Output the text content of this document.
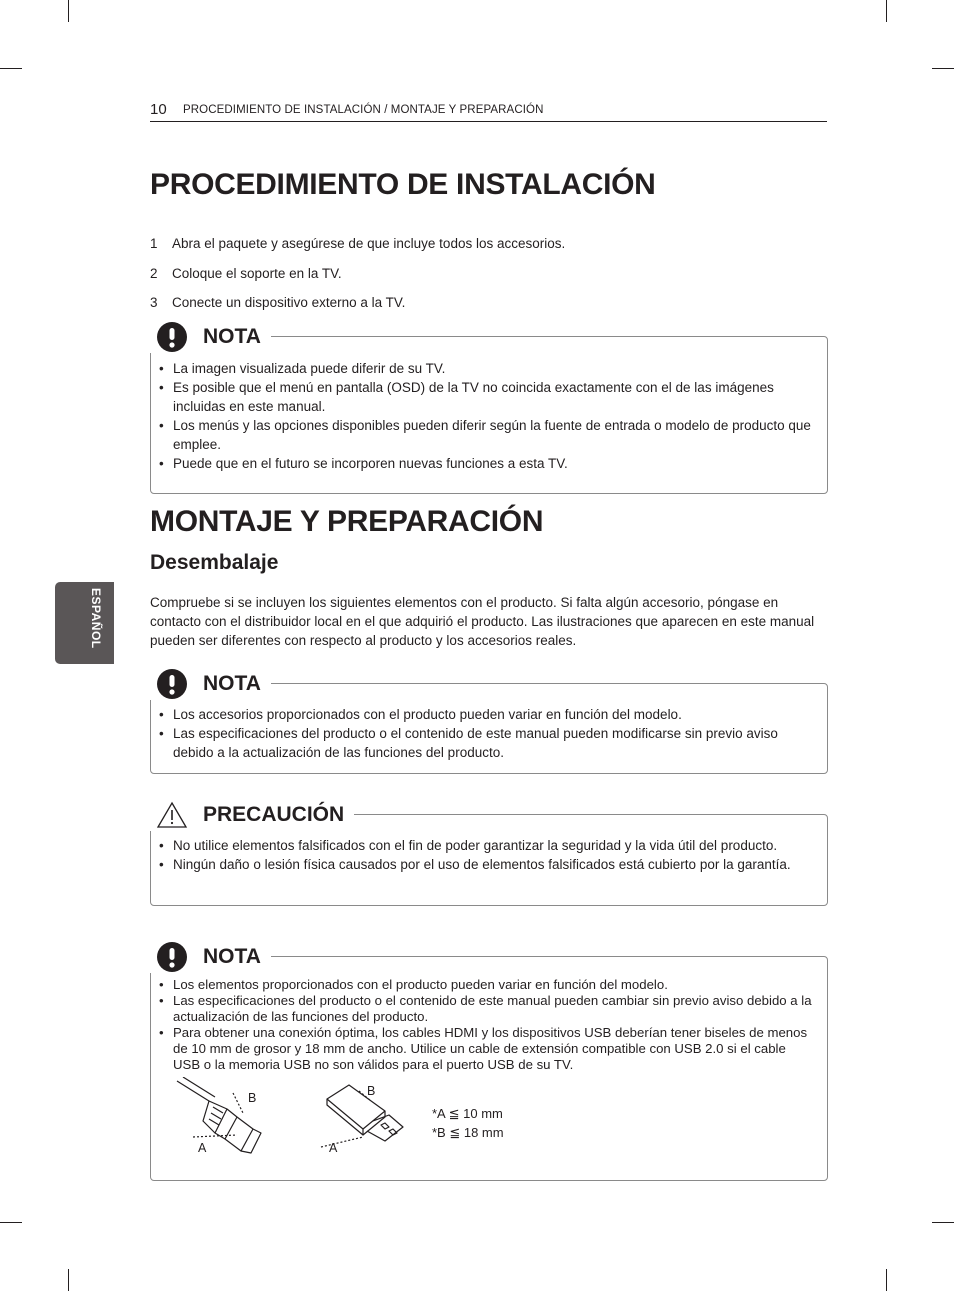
10 PROCEDIMIENTO DE INSTALACIÓN / MONTAJE Y PREPARACIÓN
ESPAÑOL
PROCEDIMIENTO DE INSTALACIÓN
1	Abra el paquete y asegúrese de que incluye todos los accesorios.
2	Coloque el soporte en la TV.
3	Conecte un dispositivo externo a la TV.
NOTA
• La imagen visualizada puede diferir de su TV.
• Es posible que el menú en pantalla (OSD) de la TV no coincida exactamente con el de las imágenes incluidas en este manual.
• Los menús y las opciones disponibles pueden diferir según la fuente de entrada o modelo de producto que emplee.
• Puede que en el futuro se incorporen nuevas funciones a esta TV.
MONTAJE Y PREPARACIÓN
Desembalaje

Compruebe si se incluyen los siguientes elementos con el producto. Si falta algún accesorio, póngase en contacto con el distribuidor local en el que adquirió el producto. Las ilustraciones que aparecen en este manual pueden ser diferentes con respecto al producto y los accesorios reales.

NOTA
• Los accesorios proporcionados con el producto pueden variar en función del modelo.
• Las especificaciones del producto o el contenido de este manual pueden modificarse sin previo aviso debido a la actualización de las funciones del producto.
PRECAUCIÓN
• No utilice elementos falsificados con el fin de poder garantizar la seguridad y la vida útil del producto.
• Ningún daño o lesión física causados por el uso de elementos falsificados está cubierto por la garantía.
NOTA
• Los elementos proporcionados con el producto pueden variar en función del modelo.
• Las especificaciones del producto o el contenido de este manual pueden cambiar sin previo aviso debido a la actualización de las funciones del producto.
• Para obtener una conexión óptima, los cables HDMI y los dispositivos USB deberían tener biseles de menos de 10 mm de grosor y 18 mm de ancho. Utilice un cable de extensión compatible con USB 2.0 si el cable USB o la memoria USB no son válidos para el puerto USB de su TV.
A
B
A
B
*A ≦ 10 mm
*B ≦ 18 mm
